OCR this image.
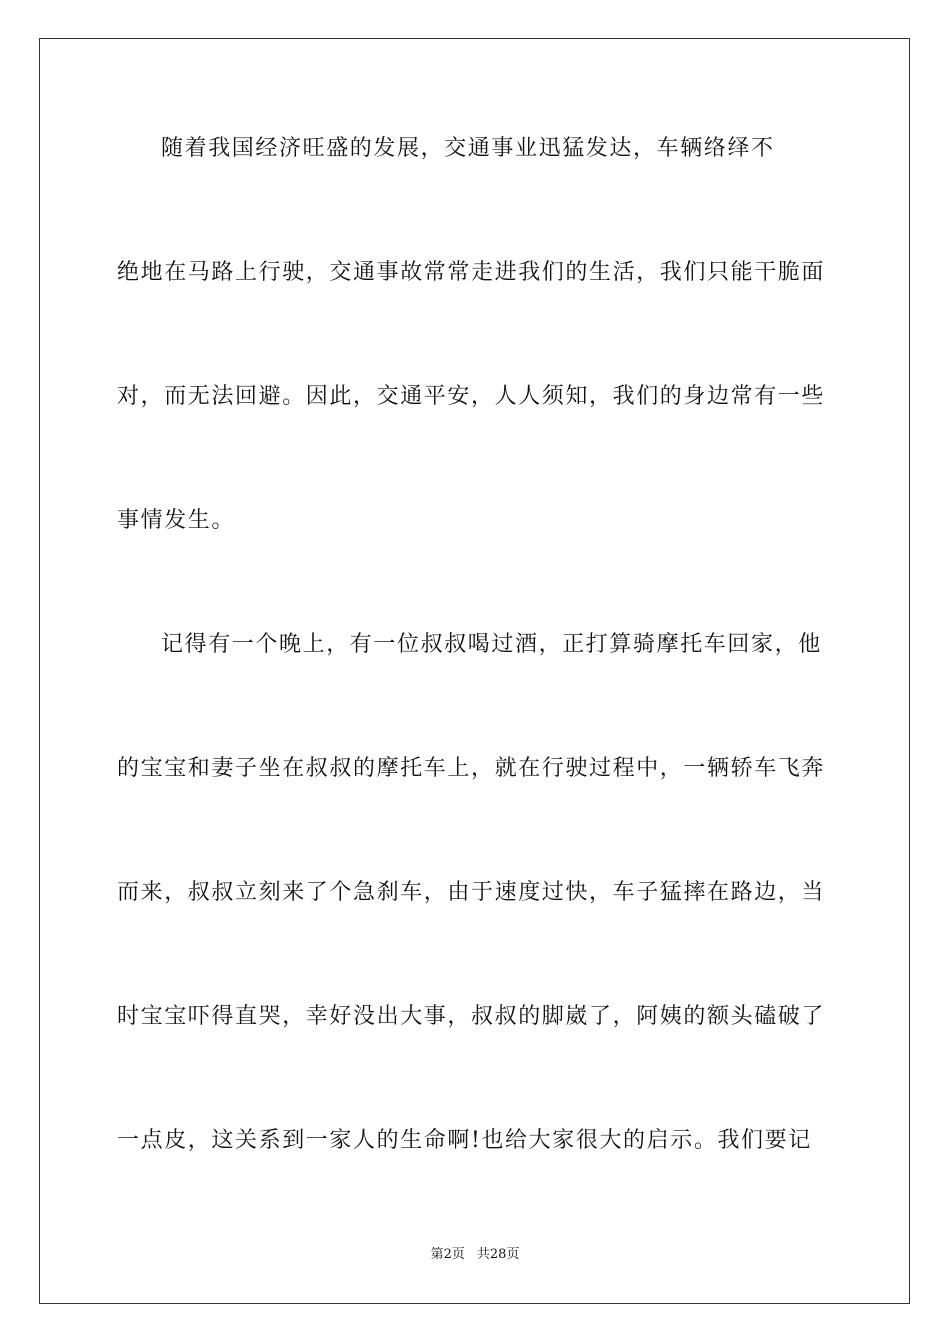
随着我国经济旺盛的发展，交通事业迅猛发达，车辆络绎不
绝地在马路上行驶，交通事故常常走进我们的生活，我们只能干脆面
对，而无法回避。因此，交通平安，人人须知，我们的身边常有一些
事情发生。
记得有一个晚上，有一位叔叔喝过酒，正打算骑摩托车回家，他
的宝宝和妻子坐在叔叔的摩托车上，就在行驶过程中，一辆轿车飞奔
而来，叔叔立刻来了个急刹车，由于速度过快，车子猛摔在路边，当
时宝宝吓得直哭，幸好没出大事，叔叔的脚崴了，阿姨的额头磕破了
一点皮，这关系到一家人的生命啊!也给大家很大的启示。我们要记
第2页 共28页
